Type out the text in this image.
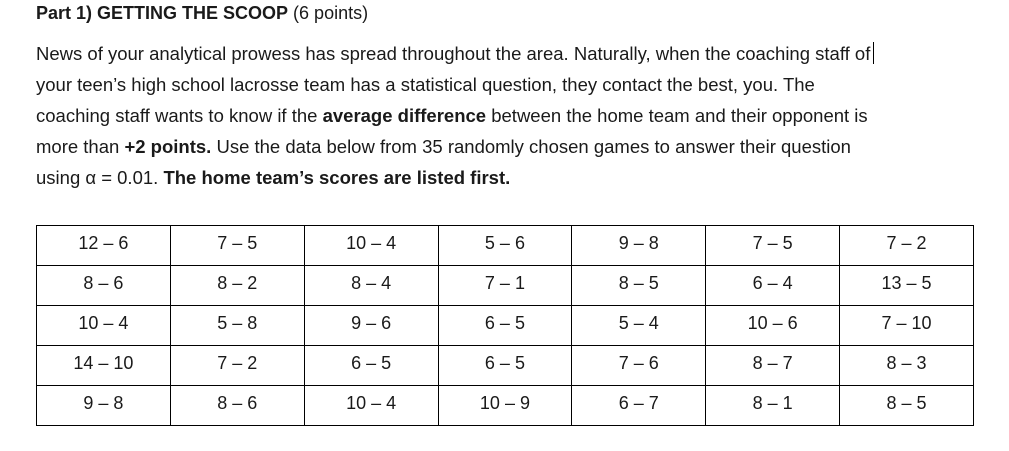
Part 1) GETTING THE SCOOP (6 points)
News of your analytical prowess has spread throughout the area. Naturally, when the coaching staff of
your teen’s high school lacrosse team has a statistical question, they contact the best, you. The
coaching staff wants to know if the average difference between the home team and their opponent is
more than +2 points. Use the data below from 35 randomly chosen games to answer their question
using α = 0.01. The home team’s scores are listed first.
12 – 6	7 – 5	10 – 4	5 – 6	9 – 8	7 – 5	7 – 2
8 – 6	8 – 2	8 – 4	7 – 1	8 – 5	6 – 4	13 – 5
10 – 4	5 – 8	9 – 6	6 – 5	5 – 4	10 – 6	7 – 10
14 – 10	7 – 2	6 – 5	6 – 5	7 – 6	8 – 7	8 – 3
9 – 8	8 – 6	10 – 4	10 – 9	6 – 7	8 – 1	8 – 5
